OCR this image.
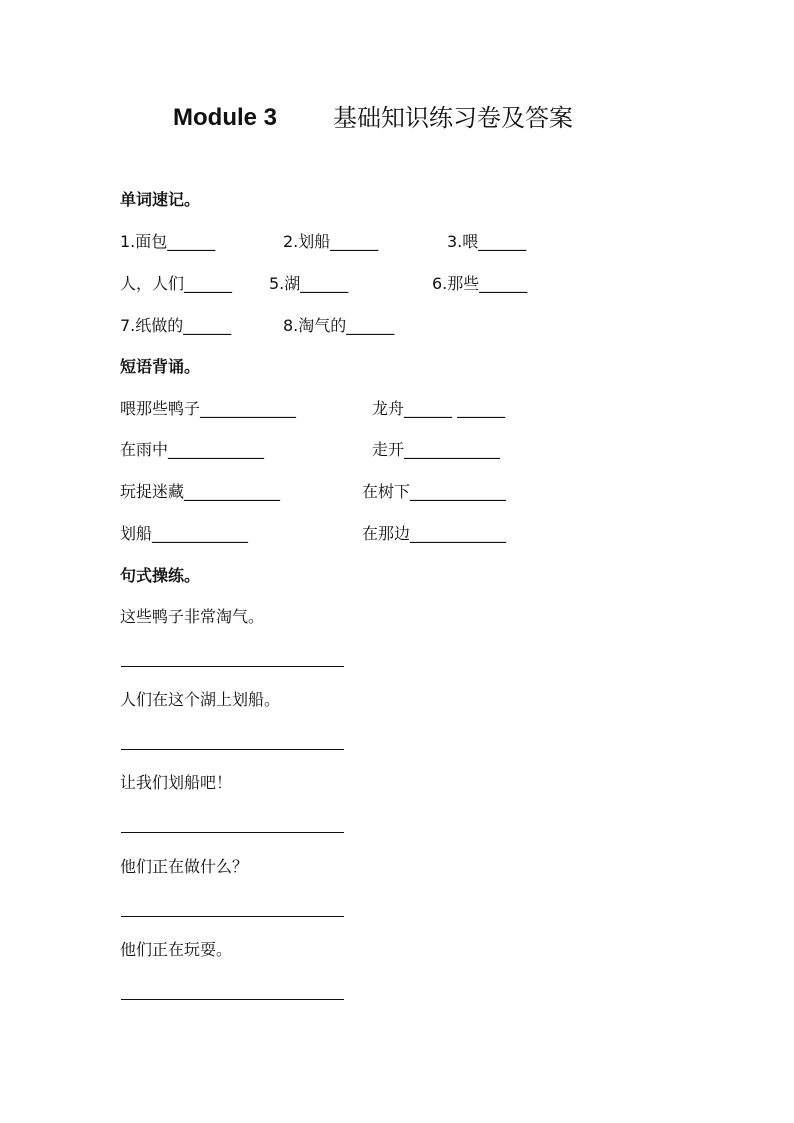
Module 3 基础知识练习卷及答案
单词速记。
1.面包______	2.划船______	3.喂______
人，人们______ 5.湖______	6.那些______
7.纸做的______	8.淘气的______
短语背诵。
喂那些鸭子____________	龙舟______ ______
在雨中____________	走开____________
玩捉迷藏____________	在树下____________
划船____________	在那边____________
句式操练。
这些鸭子非常淘气。
人们在这个湖上划船。
让我们划船吧！
他们正在做什么？
他们正在玩耍。
